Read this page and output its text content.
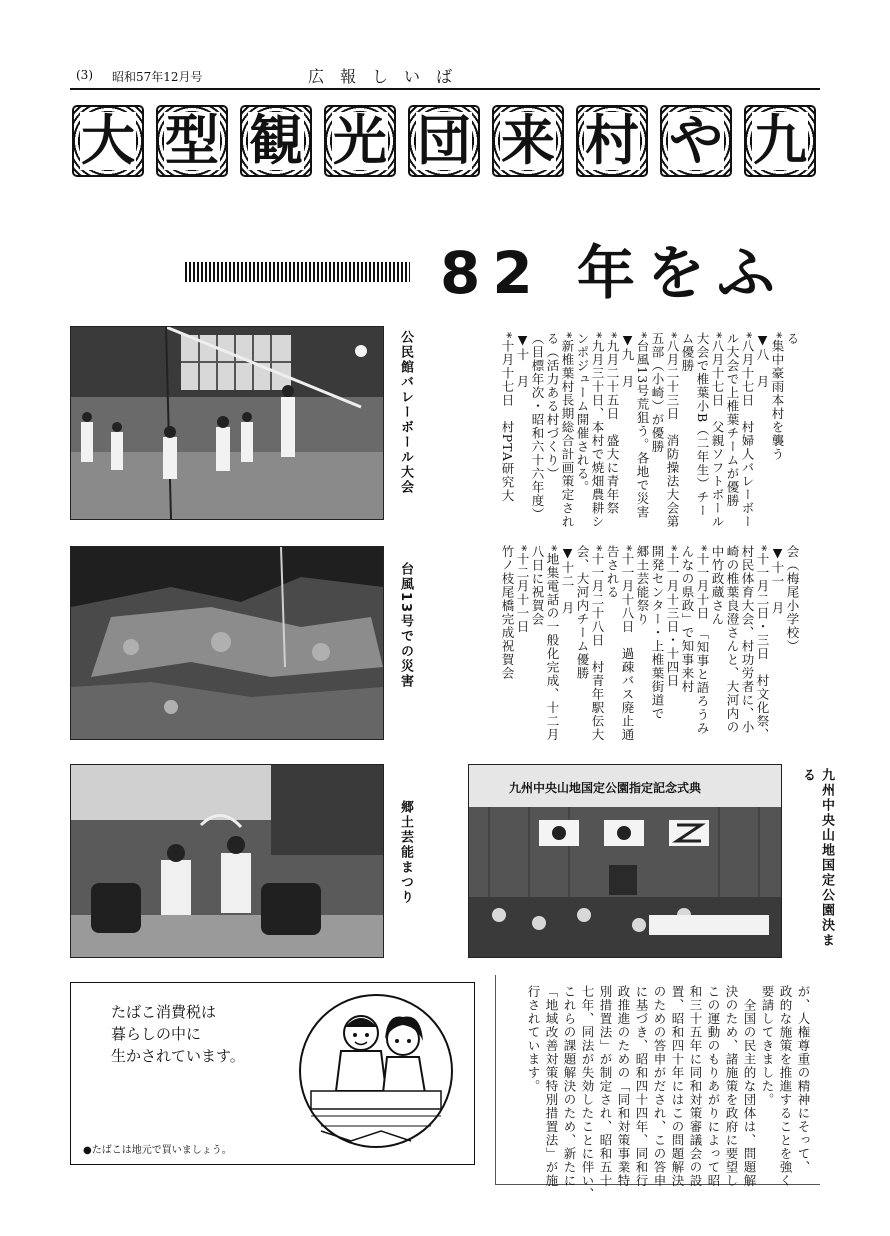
(3) 昭和57年12月号	広　報　し　い　ば
大 型 観 光 団 来 村 や 九
82 年をふ
る
*集中豪雨本村を襲う
▼八　月
*八月十七日　村婦人バレーボー
ル大会で上椎葉チームが優勝
*八月十七日　父親ソフトボール
大会で椎葉小B（二年生）チー
ム優勝
*八月二十三日　消防操法大会第
五部（小崎）が優勝
*台風13号荒狙う。各地で災害
▼九　月
*九月二十五日　盛大に青年祭
*九月三十日、本村で焼畑農耕シ
ンポジューム開催される。
*新椎葉村長期総合計画策定され
る（活力ある村づくり）
（目標年次・昭和六十六年度）
▼十　月
*十月十七日　村PTA研究大
会（梅尾小学校）
▼十一　月
*十一月二日・三日　村文化祭、
村民体育大会、村功労者に、小
崎の椎葉良澄さんと、大河内の
中竹政蔵さん
*十一月十日　「知事と語ろうみ
んなの県政」で知事来村
*十一月十三日・十四日
開発センター・上椎葉街道で
郷土芸能祭り
*十一月十八日　過疎バス廃止通
告される
*十一月二十八日　村青年駅伝大
会、大河内チーム優勝
▼十二　月
*地集電話の一般化完成、十二月
八日に祝賀会
*十二月十一日
竹ノ枝尾橋完成祝賀会
公民館バレーボール大会
台風13号での災害
郷土芸能まつり	九州中央山地国定公園決まる
九州中央山地国定公園指定記念式典
たばこ消費税は
暮らしの中に
生かされています。
●たばこは地元で買いましょう。	が、人権尊重の精神にそって、
政的な施策を推進することを強く
要請してきました。
　全国の民主的な団体は、問題解
決のため、諸施策を政府に要望し
この運動のもりあがりによって昭
和三十五年に同和対策審議会の設
置、昭和四十年にはこの問題解決
のための答申がだされ、この答申
に基づき、昭和四十四年、同和行
政推進のための「同和対策事業特
別措置法」が制定され、昭和五十
七年、同法が失効したことに伴い、
これらの課題解決のため、新たに
「地域改善対策特別措置法」が施
行されています。
